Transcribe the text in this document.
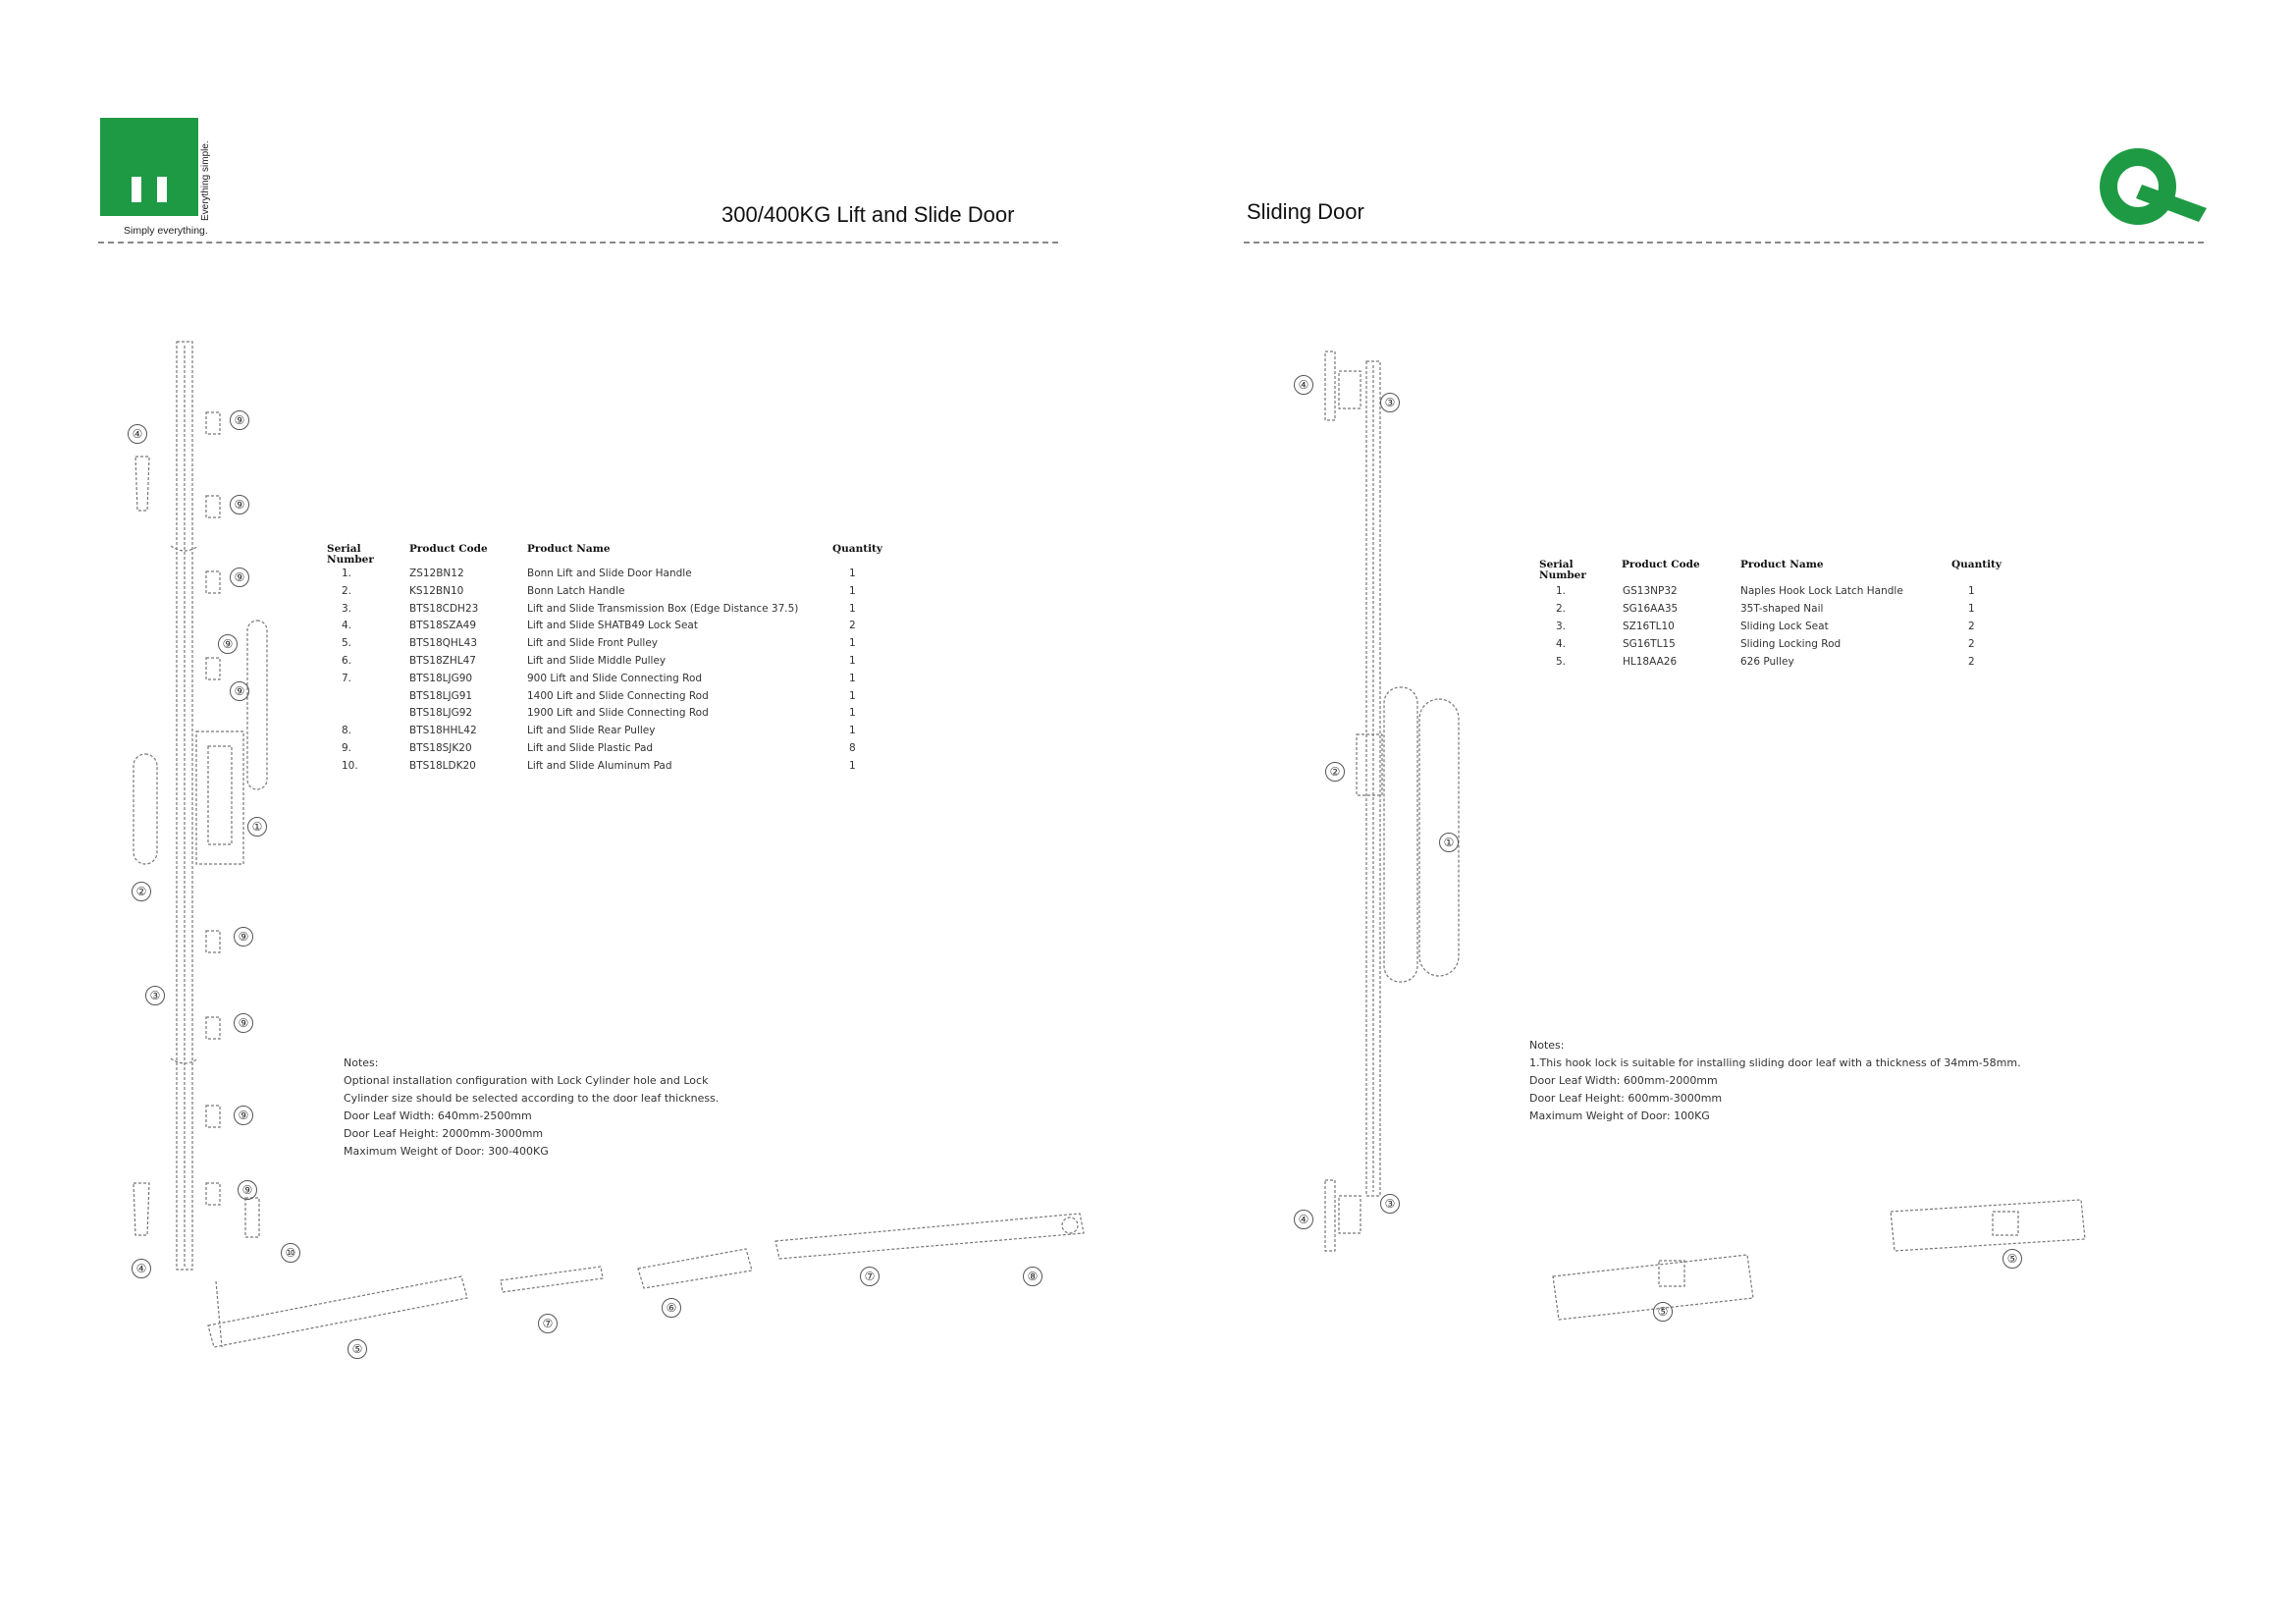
Everything simple.
Simply everything.
300/400KG Lift and Slide Door	Sliding Door
Serial
Number
Product Code	Product Name	Quantity
1.	ZS12BN12	Bonn Lift and Slide Door Handle	1
2.	KS12BN10	Bonn Latch Handle	1
3.	BTS18CDH23	Lift and Slide Transmission Box (Edge Distance 37.5)	1
4.	BTS18SZA49	Lift and Slide SHATB49 Lock Seat	2
5.	BTS18QHL43	Lift and Slide Front Pulley	1
6.	BTS18ZHL47	Lift and Slide Middle Pulley	1
7.	BTS18LJG90	900 Lift and Slide Connecting Rod	1
BTS18LJG91	1400 Lift and Slide Connecting Rod	1
BTS18LJG92	1900 Lift and Slide Connecting Rod	1
8.	BTS18HHL42	Lift and Slide Rear Pulley	1
9.	BTS18SJK20	Lift and Slide Plastic Pad	8
10.	BTS18LDK20	Lift and Slide Aluminum Pad	1
Notes:
Optional installation configuration with Lock Cylinder hole and Lock
Cylinder size should be selected according to the door leaf thickness.
Door Leaf Width: 640mm-2500mm
Door Leaf Height: 2000mm-3000mm
Maximum Weight of Door: 300-400KG
Serial
Number
Product Code	Product Name	Quantity
1.	GS13NP32	Naples Hook Lock Latch Handle	1
2.	SG16AA35	35T-shaped Nail	1
3.	SZ16TL10	Sliding Lock Seat	2
4.	SG16TL15	Sliding Locking Rod	2
5.	HL18AA26	626 Pulley	2
Notes:
1.This hook lock is suitable for installing sliding door leaf with a thickness of 34mm-58mm.
Door Leaf Width: 600mm-2000mm
Door Leaf Height: 600mm-3000mm
Maximum Weight of Door: 100KG
④
⑨
⑨
⑨
⑨
⑨
①
②
⑨
③
⑨
⑨
⑨
④
⑩
⑤
⑦
⑥
⑦	⑧
④
③
②
①
④
③
⑤
⑤
